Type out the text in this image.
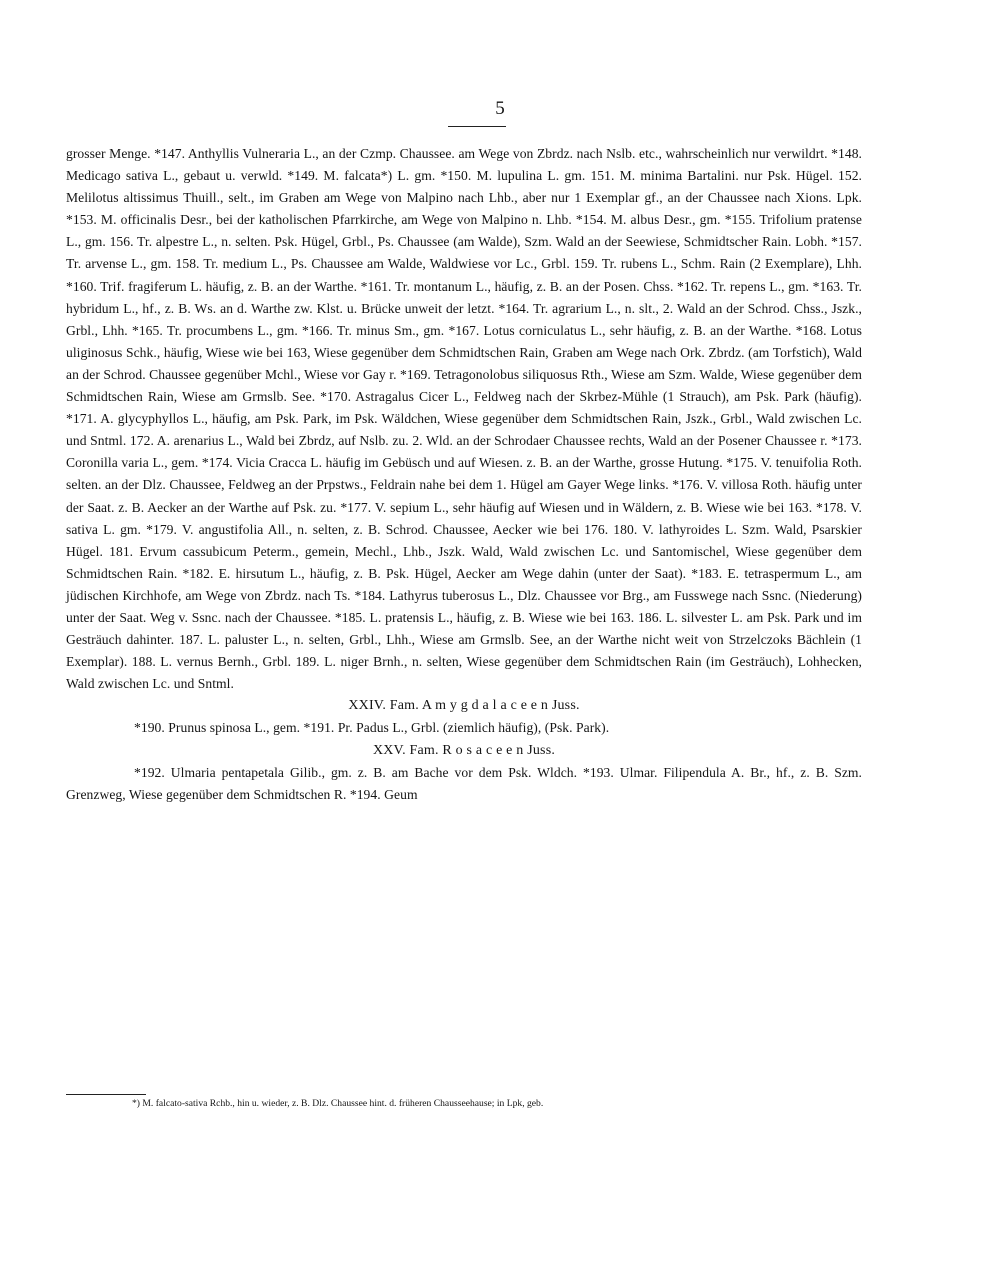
5

grosser Menge. *147. Anthyllis Vulneraria L., an der Czmp. Chaussee. am Wege von Zbrdz. nach Nslb. etc., wahrscheinlich nur verwildrt. *148. Medicago sativa L., gebaut u. verwld. *149. M. falcata*) L. gm. *150. M. lupulina L. gm. 151. M. minima Bartalini. nur Psk. Hügel. 152. Melilotus altissimus Thuill., selt., im Graben am Wege von Malpino nach Lhb., aber nur 1 Exemplar gf., an der Chaussee nach Xions. Lpk. *153. M. officinalis Desr., bei der katholischen Pfarrkirche, am Wege von Malpino n. Lhb. *154. M. albus Desr., gm. *155. Trifolium pratense L., gm. 156. Tr. alpestre L., n. selten. Psk. Hügel, Grbl., Ps. Chaussee (am Walde), Szm. Wald an der Seewiese, Schmidtscher Rain. Lobh. *157. Tr. arvense L., gm. 158. Tr. medium L., Ps. Chaussee am Walde, Waldwiese vor Lc., Grbl. 159. Tr. rubens L., Schm. Rain (2 Exemplare), Lhh. *160. Trif. fragiferum L. häufig, z. B. an der Warthe. *161. Tr. montanum L., häufig, z. B. an der Posen. Chss. *162. Tr. repens L., gm. *163. Tr. hybridum L., hf., z. B. Ws. an d. Warthe zw. Klst. u. Brücke unweit der letzt. *164. Tr. agrarium L., n. slt., 2. Wald an der Schrod. Chss., Jszk., Grbl., Lhh. *165. Tr. procumbens L., gm. *166. Tr. minus Sm., gm. *167. Lotus corniculatus L., sehr häufig, z. B. an der Warthe. *168. Lotus uliginosus Schk., häufig, Wiese wie bei 163, Wiese gegenüber dem Schmidtschen Rain, Graben am Wege nach Ork. Zbrdz. (am Torfstich), Wald an der Schrod. Chaussee gegenüber Mchl., Wiese vor Gay r. *169. Tetragonolobus siliquosus Rth., Wiese am Szm. Walde, Wiese gegenüber dem Schmidtschen Rain, Wiese am Grmslb. See. *170. Astragalus Cicer L., Feldweg nach der Skrbez-Mühle (1 Strauch), am Psk. Park (häufig). *171. A. glycyphyllos L., häufig, am Psk. Park, im Psk. Wäldchen, Wiese gegenüber dem Schmidtschen Rain, Jszk., Grbl., Wald zwischen Lc. und Sntml. 172. A. arenarius L., Wald bei Zbrdz, auf Nslb. zu. 2. Wld. an der Schrodaer Chaussee rechts, Wald an der Posener Chaussee r. *173. Coronilla varia L., gem. *174. Vicia Cracca L. häufig im Gebüsch und auf Wiesen. z. B. an der Warthe, grosse Hutung. *175. V. tenuifolia Roth. selten. an der Dlz. Chaussee, Feldweg an der Prpstws., Feldrain nahe bei dem 1. Hügel am Gayer Wege links. *176. V. villosa Roth. häufig unter der Saat. z. B. Aecker an der Warthe auf Psk. zu. *177. V. sepium L., sehr häufig auf Wiesen und in Wäldern, z. B. Wiese wie bei 163. *178. V. sativa L. gm. *179. V. angustifolia All., n. selten, z. B. Schrod. Chaussee, Aecker wie bei 176. 180. V. lathyroides L. Szm. Wald, Psarskier Hügel. 181. Ervum cassubicum Peterm., gemein, Mechl., Lhb., Jszk. Wald, Wald zwischen Lc. und Santomischel, Wiese gegenüber dem Schmidtschen Rain. *182. E. hirsutum L., häufig, z. B. Psk. Hügel, Aecker am Wege dahin (unter der Saat). *183. E. tetraspermum L., am jüdischen Kirchhofe, am Wege von Zbrdz. nach Ts. *184. Lathyrus tuberosus L., Dlz. Chaussee vor Brg., am Fusswege nach Ssnc. (Niederung) unter der Saat. Weg v. Ssnc. nach der Chaussee. *185. L. pratensis L., häufig, z. B. Wiese wie bei 163. 186. L. silvester L. am Psk. Park und im Gesträuch dahinter. 187. L. paluster L., n. selten, Grbl., Lhh., Wiese am Grmslb. See, an der Warthe nicht weit von Strzelczoks Bächlein (1 Exemplar). 188. L. vernus Bernh., Grbl. 189. L. niger Brnh., n. selten, Wiese gegenüber dem Schmidtschen Rain (im Gesträuch), Lohhecken, Wald zwischen Lc. und Sntml.

XXIV. Fam. A m y g d a l a c e e n Juss.

*190. Prunus spinosa L., gem. *191. Pr. Padus L., Grbl. (ziemlich häufig), (Psk. Park).

XXV. Fam. R o s a c e e n Juss.

*192. Ulmaria pentapetala Gilib., gm. z. B. am Bache vor dem Psk. Wldch. *193. Ulmar. Filipendula A. Br., hf., z. B. Szm. Grenzweg, Wiese gegenüber dem Schmidtschen R. *194. Geum

*) M. falcato-sativa Rchb., hin u. wieder, z. B. Dlz. Chaussee hint. d. früheren Chausseehause; in Lpk, geb.
